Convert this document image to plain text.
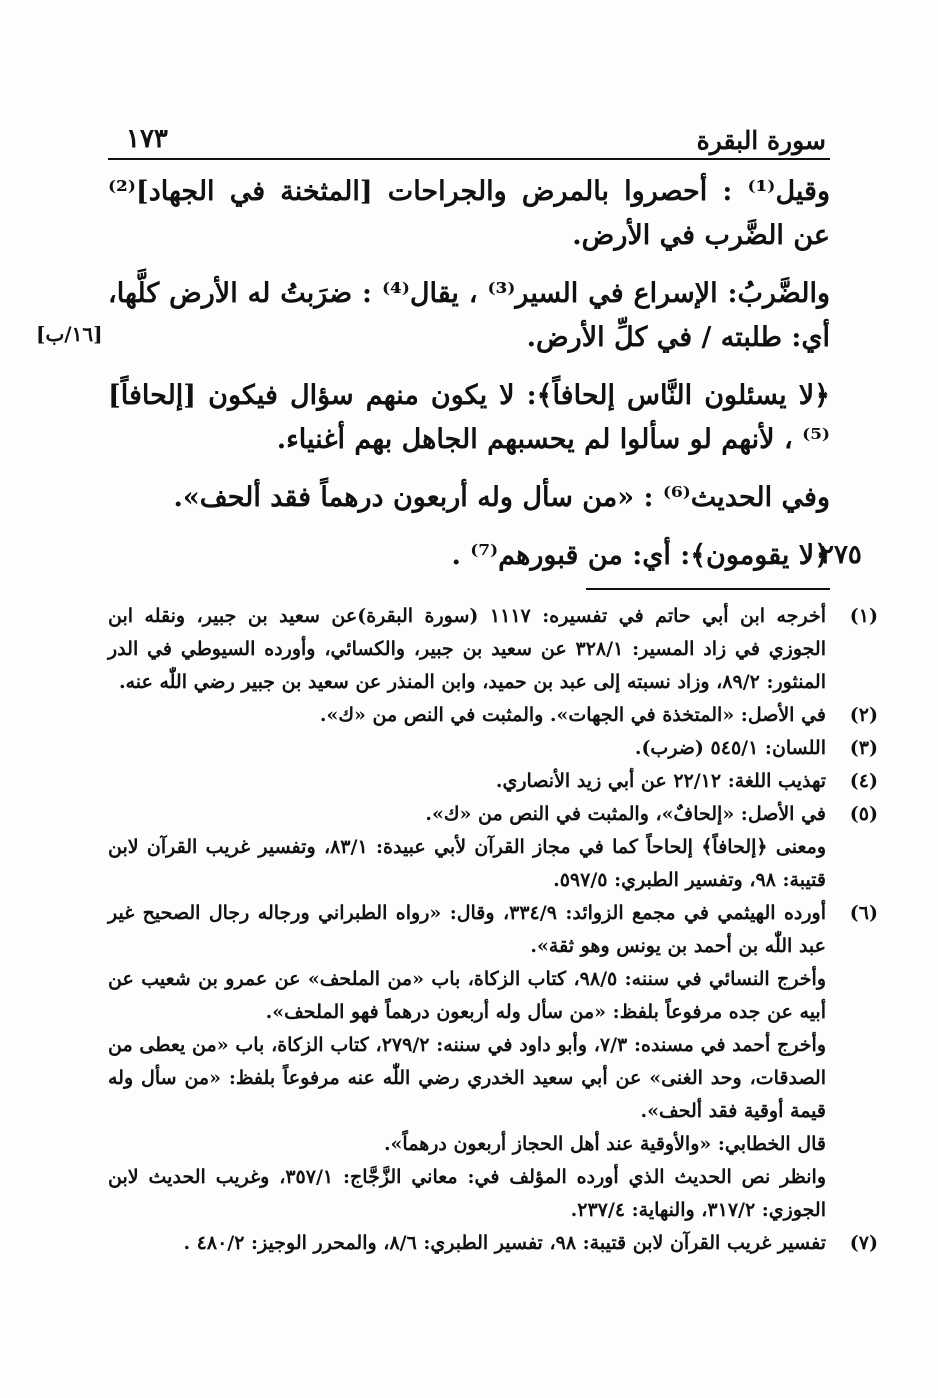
سورة البقرة
١٧٣

وقيل⁽¹⁾ : أحصروا بالمرض والجراحات [المثخنة في الجهاد]⁽²⁾ عن الضَّرب في الأرض.

والضَّربُ: الإسراع في السير⁽³⁾ ، يقال⁽⁴⁾ : ضرَبتُ له الأرض كلَّها، أي: طلبته / في كلِّ الأرض.

﴿لا يسئلون النَّاس إلحافاً﴾: لا يكون منهم سؤال فيكون [إلحافاً]⁽⁵⁾ ، لأنهم لو سألوا لم يحسبهم الجاهل بهم أغنياء.

وفي الحديث⁽⁶⁾ : «من سأل وله أربعون درهماً فقد ألحف».

﴿لا يقومون﴾: أي: من قبورهم⁽⁷⁾ .

[١٦/ب]
٢٧٥
(١)
أخرجه ابن أبي حاتم في تفسيره: ١١١٧ (سورة البقرة)عن سعيد بن جبير، ونقله ابن الجوزي في زاد المسير: ٣٢٨/١ عن سعيد بن جبير، والكسائي، وأورده السيوطي في الدر المنثور: ٨٩/٢، وزاد نسبته إلى عبد بن حميد، وابن المنذر عن سعيد بن جبير رضي اللّٰه عنه.
(٢)
في الأصل: «المتخذة في الجهات». والمثبت في النص من «ك».
(٣)
اللسان: ٥٤٥/١ (ضرب).
(٤)
تهذيب اللغة: ٢٢/١٢ عن أبي زيد الأنصاري.
(٥)
في الأصل: «إلحافٌ»، والمثبت في النص من «ك».
ومعنى ﴿إلحافاً﴾ إلحاحاً كما في مجاز القرآن لأبي عبيدة: ٨٣/١، وتفسير غريب القرآن لابن قتيبة: ٩٨، وتفسير الطبري: ٥٩٧/٥.
(٦)
أورده الهيثمي في مجمع الزوائد: ٣٣٤/٩، وقال: «رواه الطبراني ورجاله رجال الصحيح غير عبد اللّٰه بن أحمد بن يونس وهو ثقة».
وأخرج النسائي في سننه: ٩٨/٥، كتاب الزكاة، باب «من الملحف» عن عمرو بن شعيب عن أبيه عن جده مرفوعاً بلفظ: «من سأل وله أربعون درهماً فهو الملحف».
وأخرج أحمد في مسنده: ٧/٣، وأبو داود في سننه: ٢٧٩/٢، كتاب الزكاة، باب «من يعطى من الصدقات، وحد الغنى» عن أبي سعيد الخدري رضي اللّٰه عنه مرفوعاً بلفظ: «من سأل وله قيمة أوقية فقد ألحف».
قال الخطابي: «والأوقية عند أهل الحجاز أربعون درهماً».
وانظر نص الحديث الذي أورده المؤلف في: معاني الزَّجَّاج: ٣٥٧/١، وغريب الحديث لابن الجوزي: ٣١٧/٢، والنهاية: ٢٣٧/٤.
(٧)
تفسير غريب القرآن لابن قتيبة: ٩٨، تفسير الطبري: ٨/٦، والمحرر الوجيز: ٤٨٠/٢ .
